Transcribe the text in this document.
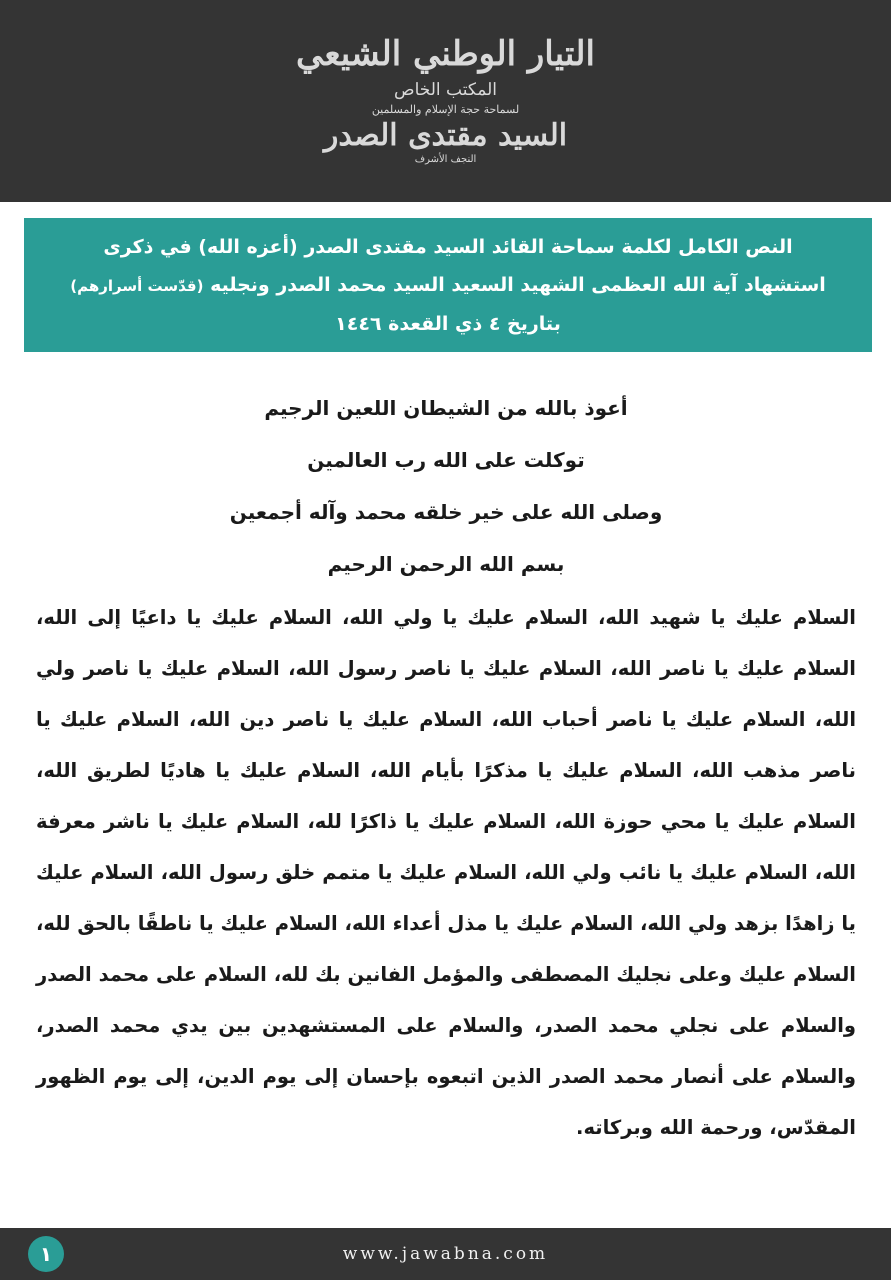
التيار الوطني الشيعي
المكتب الخاص
لسماحة حجة الإسلام والمسلمين
السيد مقتدى الصدر
النجف الأشرف
النص الكامل لكلمة سماحة القائد السيد مقتدى الصدر (أعزه الله) في ذكرى
استشهاد آية الله العظمى الشهيد السعيد السيد محمد الصدر ونجليه (قدّست أسرارهم)
بتاريخ ٤ ذي القعدة ١٤٤٦
أعوذ بالله من الشيطان اللعين الرجيم
توكلت على الله رب العالمين
وصلى الله على خير خلقه محمد وآله أجمعين
بسم الله الرحمن الرحيم

السلام عليك يا شهيد الله، السلام عليك يا ولي الله، السلام عليك يا داعيًا إلى الله، السلام عليك يا ناصر الله، السلام عليك يا ناصر رسول الله، السلام عليك يا ناصر ولي الله، السلام عليك يا ناصر أحباب الله، السلام عليك يا ناصر دين الله، السلام عليك يا ناصر مذهب الله، السلام عليك يا مذكرًا بأيام الله، السلام عليك يا هاديًا لطريق الله، السلام عليك يا محي حوزة الله، السلام عليك يا ذاكرًا لله، السلام عليك يا ناشر معرفة الله، السلام عليك يا نائب ولي الله، السلام عليك يا متمم خلق رسول الله، السلام عليك يا زاهدًا بزهد ولي الله، السلام عليك يا مذل أعداء الله، السلام عليك يا ناطقًا بالحق لله، السلام عليك وعلى نجليك المصطفى والمؤمل الفانين بك لله، السلام على محمد الصدر والسلام على نجلي محمد الصدر، والسلام على المستشهدين بين يدي محمد الصدر، والسلام على أنصار محمد الصدر الذين اتبعوه بإحسان إلى يوم الدين، إلى يوم الظهور المقدّس، ورحمة الله وبركاته.

١	www.jawabna.com
